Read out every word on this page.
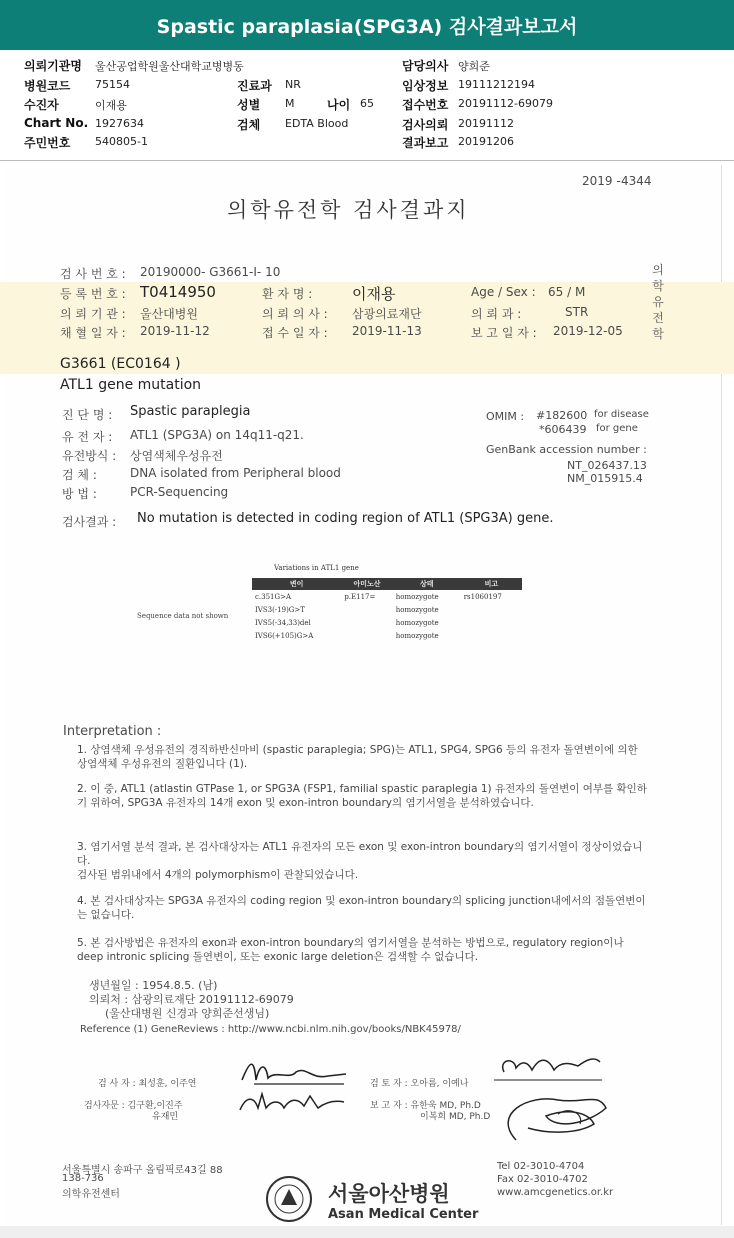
Spastic paraplasia(SPG3A) 검사결과보고서
의뢰기관명 울산공업학원울산대학교병병동
병원코드 75154
수진자	이재용
Chart No. 1927634
주민번호 540805-1
진료과 NR
성별 M	나이 65
검체 EDTA Blood
담당의사 양희준
임상정보 19111212194
접수번호 20191112-69079
검사의뢰 20191112
결과보고 20191206
2019 - 4344
의학유전학 검사결과지
의
학
유
전
학
검 사 번 호 : 20190000- G3661-I- 10
등 록 번 호 : T0414950	환 자 명 :	이재용	Age / Sex : 65 / M
의 뢰 기 관 : 울산대병원	의 뢰 의 사 : 삼광의료재단	의 뢰 과 :	STR
채 혈 일 자 : 2019-11-12	접 수 일 자 : 2019-11-13	보 고 일 자 : 2019-12-05
G3661 (EC0164 )
ATL1 gene mutation
진 단 명 : Spastic paraplegia
유 전 자 : ATL1 (SPG3A) on 14q11-q21.
유전방식 : 상염색체우성유전
검 체 :	DNA isolated from Peripheral blood
방 법 :	PCR-Sequencing
OMIM : #182600 for disease
*606439 for gene
GenBank accession number :
NT_026437.13
NM_015915.4
검사결과 : No mutation is detected in coding region of ATL1 (SPG3A) gene.
Variations in ATL1 gene
Sequence data not shown
변이	아미노산	상태	비고
c.351G>A	p.E117=	homozygote	rs1060197
IVS3(-19)G>T		homozygote	
IVS5(-34,33)del		homozygote	
IVS6(+105)G>A		homozygote	
Interpretation :
1. 상염색체 우성유전의 경직하반신마비 (spastic paraplegia; SPG)는 ATL1, SPG4, SPG6 등의 유전자 돌연변이에 의한 상염색체 우성유전의 질환입니다 (1).
2. 이 중, ATL1 (atlastin GTPase 1, or SPG3A (FSP1, familial spastic paraplegia 1) 유전자의 돌연변이 여부를 확인하기 위하여, SPG3A 유전자의 14개 exon 및 exon-intron boundary의 염기서열을 분석하였습니다.
3. 염기서열 분석 결과, 본 검사대상자는 ATL1 유전자의 모든 exon 및 exon-intron boundary의 염기서열이 정상이었습니다.
검사된 범위내에서 4개의 polymorphism이 관찰되었습니다.
4. 본 검사대상자는 SPG3A 유전자의 coding region 및 exon-intron boundary의 splicing junction내에서의 점돌연변이는 없습니다.
5. 본 검사방법은 유전자의 exon과 exon-intron boundary의 염기서열을 분석하는 방법으로, regulatory region이나 deep intronic splicing 돌연변이, 또는 exonic large deletion은 검색할 수 없습니다.
생년월일 : 1954.8.5. (남)
의뢰처 : 삼광의료재단 20191112-69079
(울산대병원 신경과 양희준선생님)
Reference (1) GeneReviews : http://www.ncbi.nlm.nih.gov/books/NBK45978/
검 사 자 : 최성훈, 이주연
검사자문 : 김구환,이진주
유재민
검 토 자 : 오아름, 이예나
보 고 자 : 유한욱 MD, Ph.D
이복희 MD, Ph.D
서울특별시 송파구 올림픽로43길 88
138-736
의학유전센터	서울아산병원
Asan Medical Center
Tel 02-3010-4704
Fax 02-3010-4702
www.amcgenetics.or.kr
